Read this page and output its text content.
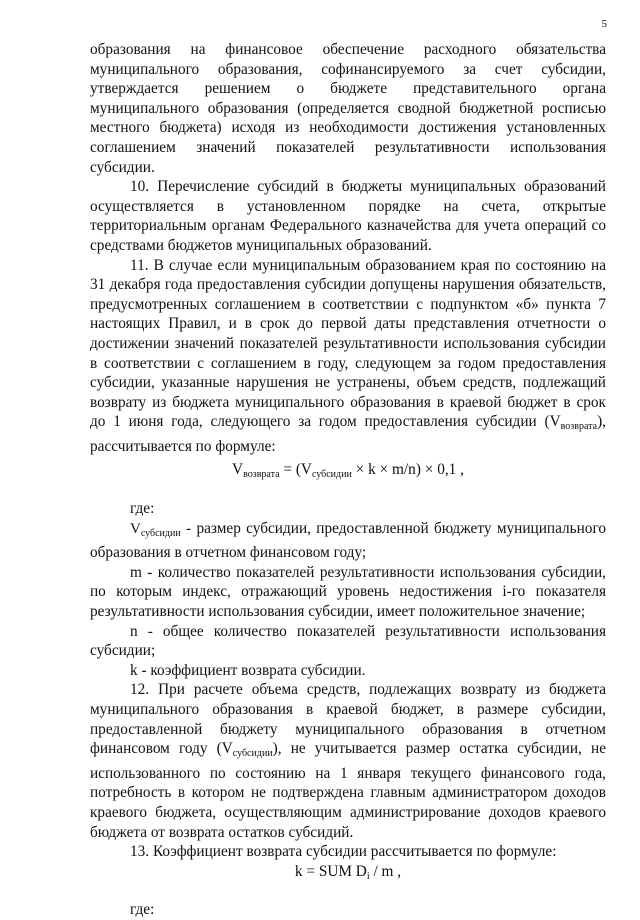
5

образования на финансовое обеспечение расходного обязательства муниципального образования, софинансируемого за счет субсидии, утверждается решением о бюджете представительного органа муниципального образования (определяется сводной бюджетной росписью местного бюджета) исходя из необходимости достижения установленных соглашением значений показателей результативности использования субсидии.

10. Перечисление субсидий в бюджеты муниципальных образований осуществляется в установленном порядке на счета, открытые территориальным органам Федерального казначейства для учета операций со средствами бюджетов муниципальных образований.

11. В случае если муниципальным образованием края по состоянию на 31 декабря года предоставления субсидии допущены нарушения обязательств, предусмотренных соглашением в соответствии с подпунктом «б» пункта 7 настоящих Правил, и в срок до первой даты представления отчетности о достижении значений показателей результативности использования субсидии в соответствии с соглашением в году, следующем за годом предоставления субсидии, указанные нарушения не устранены, объем средств, подлежащий возврату из бюджета муниципального образования в краевой бюджет в срок до 1 июня года, следующего за годом предоставления субсидии $(V_{возврата})$, рассчитывается по формуле:

$V_{возврата} = (V_{субсидии} \times k \times m/n) \times 0,1$ ,

где:

$V_{субсидии}$ - размер субсидии, предоставленной бюджету муниципального образования в отчетном финансовом году;

m - количество показателей результативности использования субсидии, по которым индекс, отражающий уровень недостижения i-го показателя результативности использования субсидии, имеет положительное значение;

n - общее количество показателей результативности использования субсидии;

k - коэффициент возврата субсидии.

12. При расчете объема средств, подлежащих возврату из бюджета муниципального образования в краевой бюджет, в размере субсидии, предоставленной бюджету муниципального образования в отчетном финансовом году $(V_{субсидии})$, не учитывается размер остатка субсидии, не использованного по состоянию на 1 января текущего финансового года, потребность в котором не подтверждена главным администратором доходов краевого бюджета, осуществляющим администрирование доходов краевого бюджета от возврата остатков субсидий.

13. Коэффициент возврата субсидии рассчитывается по формуле:

k = SUM $D_i$ / m ,

где:
